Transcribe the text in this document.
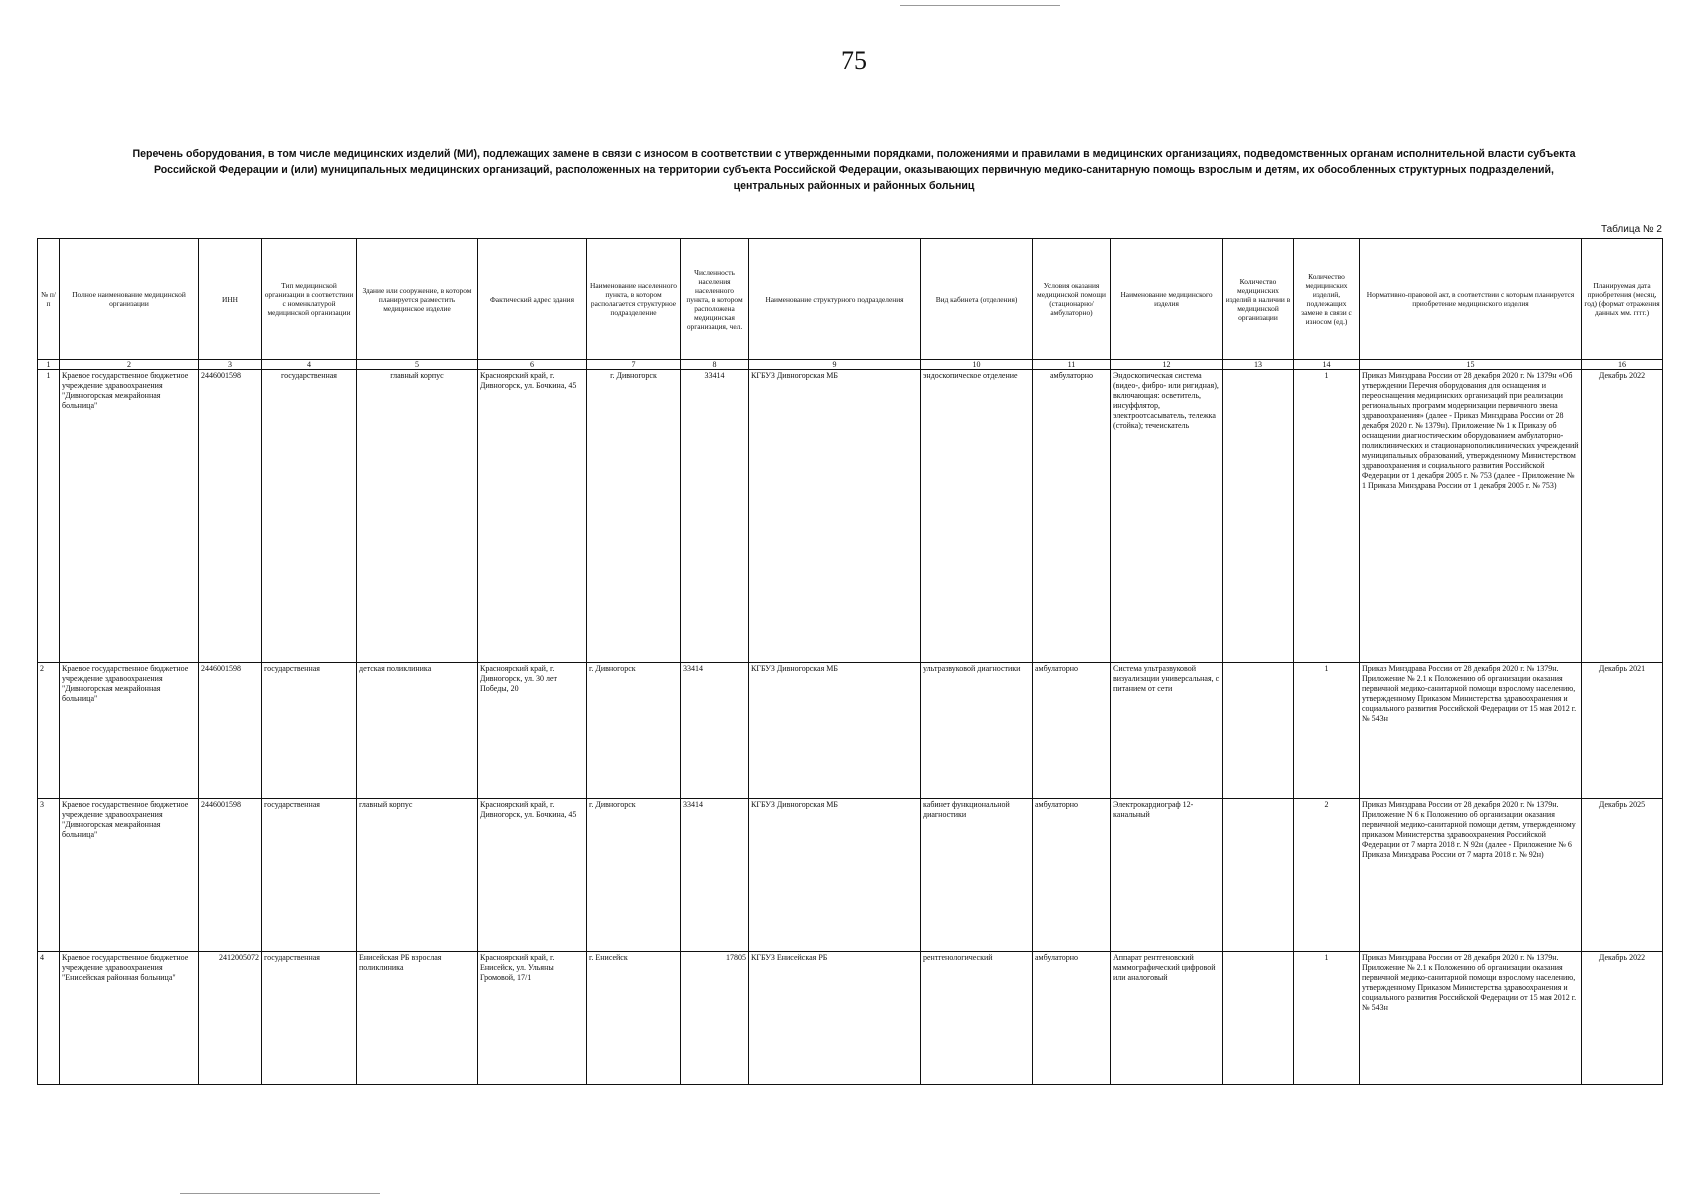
75
Перечень оборудования, в том числе медицинских изделий (МИ), подлежащих замене в связи с износом в соответствии с утвержденными порядками, положениями и правилами в медицинских организациях, подведомственных органам исполнительной власти субъекта
Российской Федерации и (или) муниципальных медицинских организаций, расположенных на территории субъекта Российской Федерации, оказывающих первичную медико-санитарную помощь взрослым и детям, их обособленных структурных подразделений,
центральных районных и районных больниц
Таблица № 2
№ п/п	Полное наименование медицинской организации	ИНН	Тип медицинской организации в соответствии с номенклатурой медицинской организации	Здание или сооружение, в котором планируется разместить медицинское изделие	Фактический адрес здания	Наименование населенного пункта, в котором располагается структурное подразделение	Численность населения населенного пункта, в котором расположена медицинская организация, чел.	Наименование структурного подразделения	Вид кабинета (отделения)	Условия оказания медицинской помощи (стационарно/ амбулаторно)	Наименование медицинского изделия	Количество медицинских изделий в наличии в медицинской организации	Количество медицинских изделий, подлежащих замене в связи с износом (ед.)	Нормативно-правовой акт, в соответствии с которым планируется приобретение медицинского изделия	Планируемая дата приобретения (месяц, год) (формат отражения данных мм. гггг.)
1	2	3	4	5	6	7	8	9	10	11	12	13	14	15	16
1	Краевое государственное бюджетное учреждение здравоохранения "Дивногорская межрайонная больница"	2446001598	государственная	главный корпус	Красноярский край, г. Дивногорск, ул. Бочкина, 45	г. Дивногорск	33414	КГБУЗ Дивногорская МБ	эндоскопическое отделение	амбулаторно	Эндоскопическая система (видео-, фибро- или ригидная), включающая: осветитель, инсуффлятор, электроотсасыватель, тележка (стойка); течеискатель		1	Приказ Минздрава России от 28 декабря 2020 г. № 1379н «Об утверждении Перечня оборудования для оснащения и переоснащения медицинских организаций при реализации региональных программ модернизации первичного звена здравоохранения» (далее - Приказ Минздрава России от 28 декабря 2020 г. № 1379н). Приложение № 1 к Приказу об оснащении диагностическим оборудованием амбулаторно-поликлинических и стационарнополиклинических учреждений муниципальных образований, утвержденному Министерством здравоохранения и социального развития Российской Федерации от 1 декабря 2005 г. № 753 (далее - Приложение № 1 Приказа Минздрава России от 1 декабря 2005 г. № 753)	Декабрь 2022
2	Краевое государственное бюджетное учреждение здравоохранения "Дивногорская межрайонная больница"	2446001598	государственная	детская поликлиника	Красноярский край, г. Дивногорск, ул. 30 лет Победы, 20	г. Дивногорск	33414	КГБУЗ Дивногорская МБ	ультразвуковой диагностики	амбулаторно	Система ультразвуковой визуализации универсальная, с питанием от сети		1	Приказ Минздрава России от 28 декабря 2020 г. № 1379н. Приложение № 2.1 к Положению об организации оказания первичной медико-санитарной помощи взрослому населению, утвержденному Приказом Министерства здравоохранения и социального развития Российской Федерации от 15 мая 2012 г. № 543н	Декабрь 2021
3	Краевое государственное бюджетное учреждение здравоохранения "Дивногорская межрайонная больница"	2446001598	государственная	главный корпус	Красноярский край, г. Дивногорск, ул. Бочкина, 45	г. Дивногорск	33414	КГБУЗ Дивногорская МБ	кабинет функциональной диагностики	амбулаторно	Электрокардиограф 12-канальный		2	Приказ Минздрава России от 28 декабря 2020 г. № 1379н. Приложение N 6 к Положению об организации оказания первичной медико-санитарной помощи детям, утвержденному приказом Министерства здравоохранения Российской Федерации от 7 марта 2018 г. N 92н (далее - Приложение № 6 Приказа Минздрава России от 7 марта 2018 г. № 92н)	Декабрь 2025
4	Краевое государственное бюджетное учреждение здравоохранения "Енисейская районная больница"	2412005072	государственная	Енисейская РБ взрослая поликлиника	Красноярский край, г. Енисейск, ул. Ульяны Громовой, 17/1	г. Енисейск	17805	КГБУЗ Енисейская РБ	рентгенологический	амбулаторно	Аппарат рентгеновский маммографический цифровой или аналоговый		1	Приказ Минздрава России от 28 декабря 2020 г. № 1379н. Приложение № 2.1 к Положению об организации оказания первичной медико-санитарной помощи взрослому населению, утвержденному Приказом Министерства здравоохранения и социального развития Российской Федерации от 15 мая 2012 г. № 543н	Декабрь 2022
